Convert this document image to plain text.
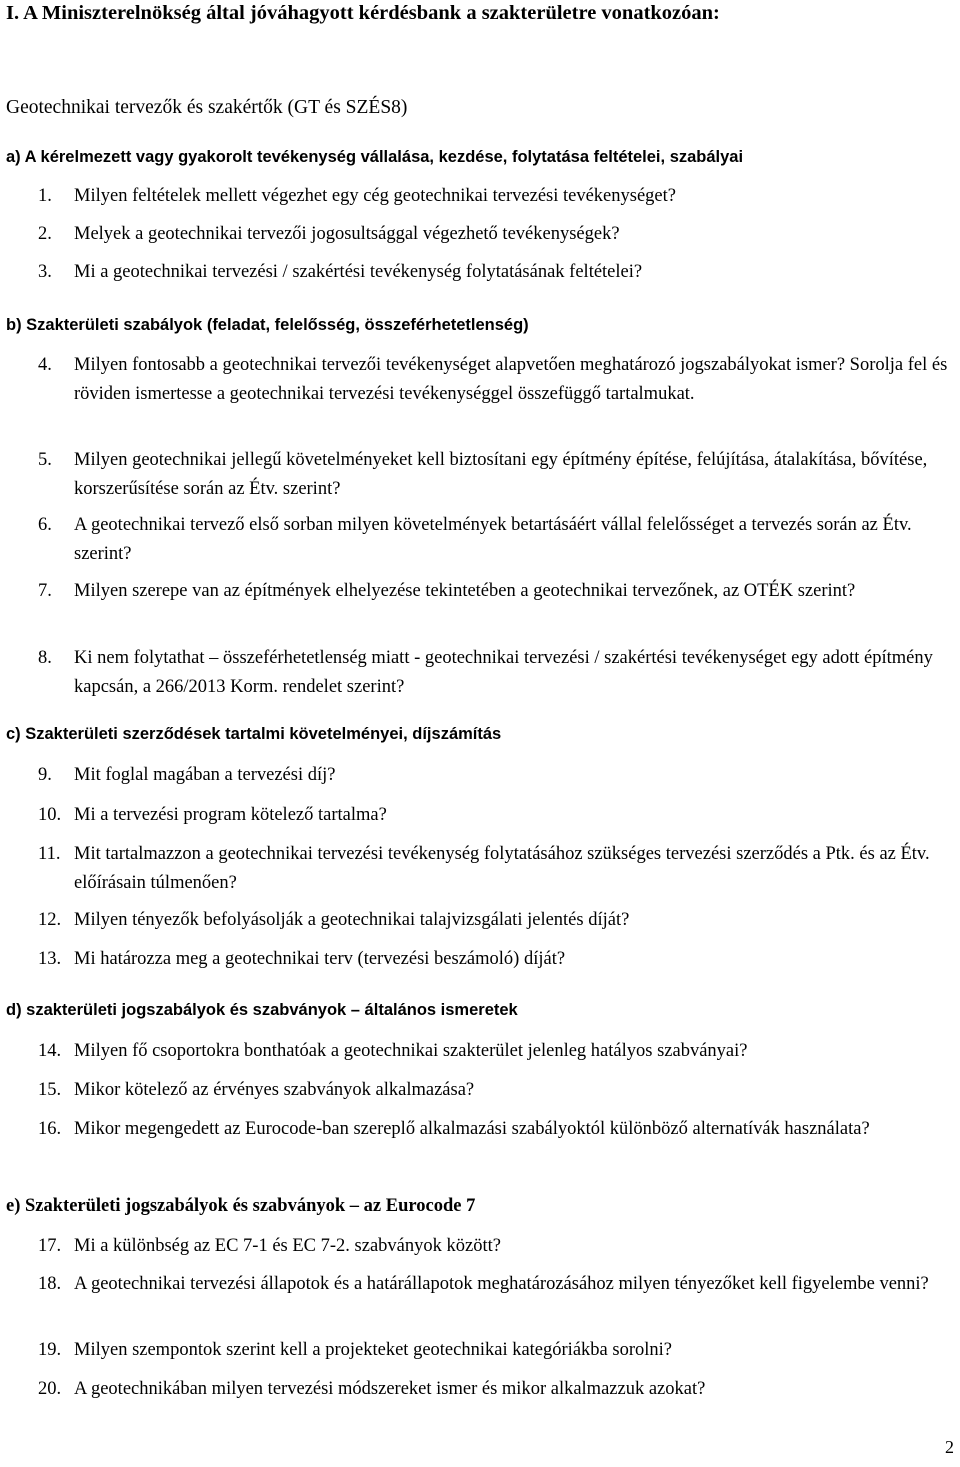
I. A Miniszterelnökség által jóváhagyott kérdésbank a szakterületre vonatkozóan:
Geotechnikai tervezők és szakértők (GT és SZÉS8)
a) A kérelmezett vagy gyakorolt tevékenység vállalása, kezdése, folytatása feltételei, szabályai
1. Milyen feltételek mellett végezhet egy cég geotechnikai tervezési tevékenységet?
2. Melyek a geotechnikai tervezői jogosultsággal végezhető tevékenységek?
3. Mi a geotechnikai tervezési / szakértési tevékenység folytatásának feltételei?
b) Szakterületi szabályok (feladat, felelősség, összeférhetetlenség)
4. Milyen fontosabb a geotechnikai tervezői tevékenységet alapvetően meghatározó jogszabályokat ismer? Sorolja fel és röviden ismertesse a geotechnikai tervezési tevékenységgel összefüggő tartalmukat.
5. Milyen geotechnikai jellegű követelményeket kell biztosítani egy építmény építése, felújítása, átalakítása, bővítése, korszerűsítése során az Étv. szerint?
6. A geotechnikai tervező első sorban milyen követelmények betartásáért vállal felelősséget a tervezés során az Étv. szerint?
7. Milyen szerepe van az építmények elhelyezése tekintetében a geotechnikai tervezőnek, az OTÉK szerint?
8. Ki nem folytathat – összeférhetetlenség miatt - geotechnikai tervezési / szakértési tevékenységet egy adott építmény kapcsán, a 266/2013 Korm. rendelet szerint?
c) Szakterületi szerződések tartalmi követelményei, díjszámítás
9. Mit foglal magában a tervezési díj?
10. Mi a tervezési program kötelező tartalma?
11. Mit tartalmazzon a geotechnikai tervezési tevékenység folytatásához szükséges tervezési szerződés a Ptk. és az Étv. előírásain túlmenően?
12. Milyen tényezők befolyásolják a geotechnikai talajvizsgálati jelentés díját?
13. Mi határozza meg a geotechnikai terv (tervezési beszámoló) díját?
d) szakterületi jogszabályok és szabványok – általános ismeretek
14. Milyen fő csoportokra bonthatóak a geotechnikai szakterület jelenleg hatályos szabványai?
15. Mikor kötelező az érvényes szabványok alkalmazása?
16. Mikor megengedett az Eurocode-ban szereplő alkalmazási szabályoktól különböző alternatívák használata?
e) Szakterületi jogszabályok és szabványok – az Eurocode 7
17. Mi a különbség az EC 7-1 és EC 7-2. szabványok között?
18. A geotechnikai tervezési állapotok és a határállapotok meghatározásához milyen tényezőket kell figyelembe venni?
19. Milyen szempontok szerint kell a projekteket geotechnikai kategóriákba sorolni?
20. A geotechnikában milyen tervezési módszereket ismer és mikor alkalmazzuk azokat?
2
